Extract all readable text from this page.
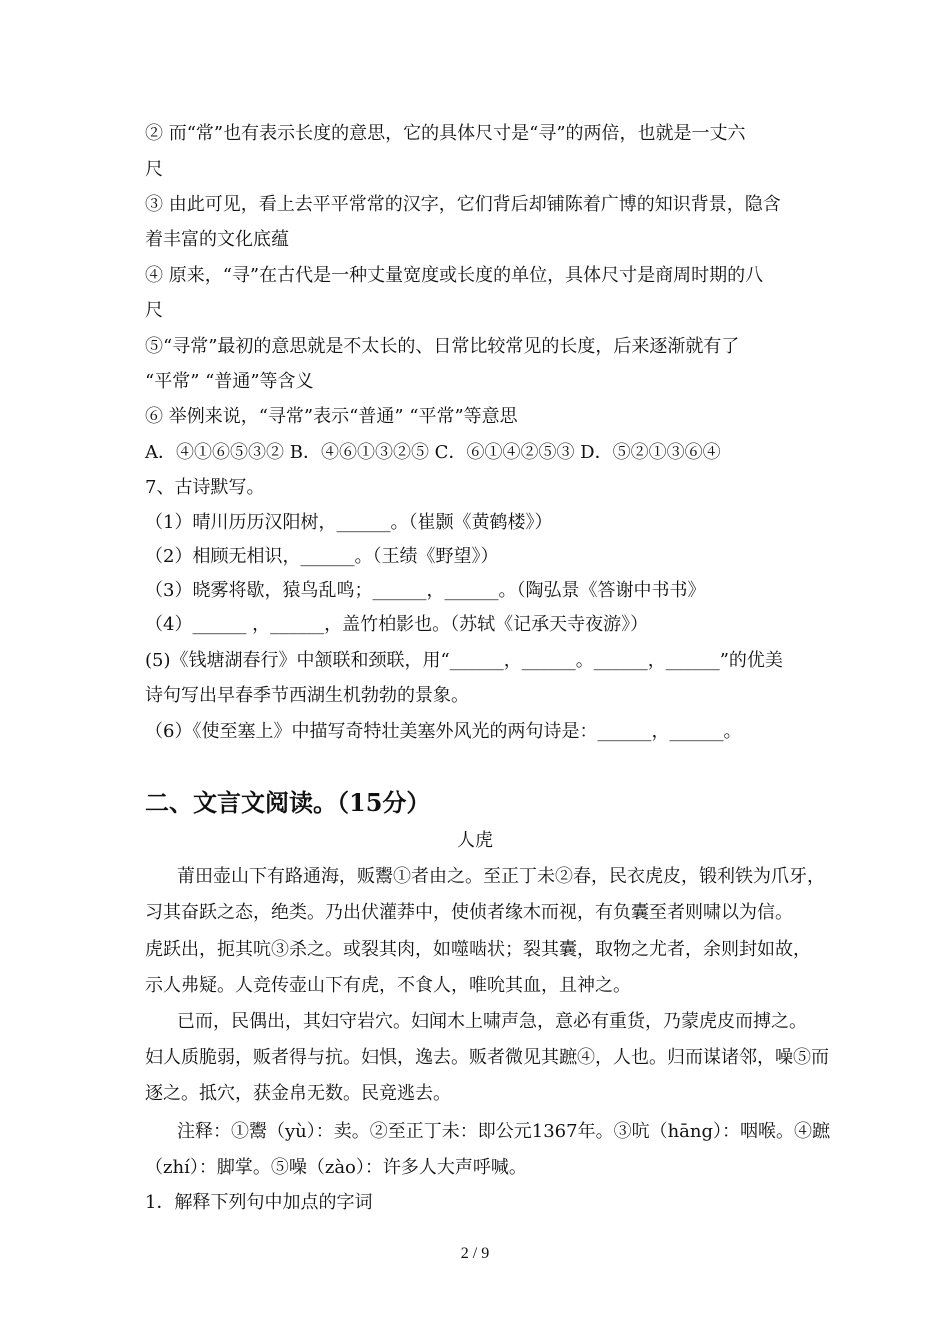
② 而“常”也有表示长度的意思，它的具体尺寸是“寻”的两倍，也就是一丈六
尺
③ 由此可见，看上去平平常常的汉字，它们背后却铺陈着广博的知识背景，隐含
着丰富的文化底蕴
④ 原来，“寻”在古代是一种丈量宽度或长度的单位，具体尺寸是商周时期的八
尺
⑤“寻常”最初的意思就是不太长的、日常比较常见的长度，后来逐渐就有了
“平常” “普通”等含义
⑥ 举例来说，“寻常”表示“普通” “平常”等意思
A．④①⑥⑤③② B．④⑥①③②⑤ C．⑥①④②⑤③ D．⑤②①③⑥④
7、古诗默写。
（1）晴川历历汉阳树，______。（崔颢《黄鹤楼》）
（2）相顾无相识，______。（王绩《野望》）
（3）晓雾将歇，猿鸟乱鸣；______，______。（陶弘景《答谢中书书》
（4）______ ，______，盖竹柏影也。（苏轼《记承天寺夜游》）
(5)《钱塘湖春行》中颔联和颈联，用“______，______。______，______”的优美
诗句写出早春季节西湖生机勃勃的景象。
（6）《使至塞上》中描写奇特壮美塞外风光的两句诗是：______，______。
二、文言文阅读。（15分）
人虎
莆田壶山下有路通海，贩鬻①者由之。至正丁未②春，民衣虎皮，锻利铁为爪牙，
习其奋跃之态，绝类。乃出伏灌莽中，使侦者缘木而视，有负囊至者则啸以为信。
虎跃出，扼其吭③杀之。或裂其肉，如噬啮状；裂其囊，取物之尤者，余则封如故，
示人弗疑。人竞传壶山下有虎，不食人，唯吮其血，且神之。
已而，民偶出，其妇守岩穴。妇闻木上啸声急，意必有重货，乃蒙虎皮而搏之。
妇人质脆弱，贩者得与抗。妇惧，逸去。贩者微见其蹠④，人也。归而谋诸邻，噪⑤而
逐之。抵穴，获金帛无数。民竟逃去。
注释：①鬻（yù）：卖。②至正丁未：即公元1367年。③吭（hāng）：咽喉。④蹠
（zhí）：脚掌。⑤噪（zào）：许多人大声呼喊。
1．解释下列句中加点的字词
2 / 9
